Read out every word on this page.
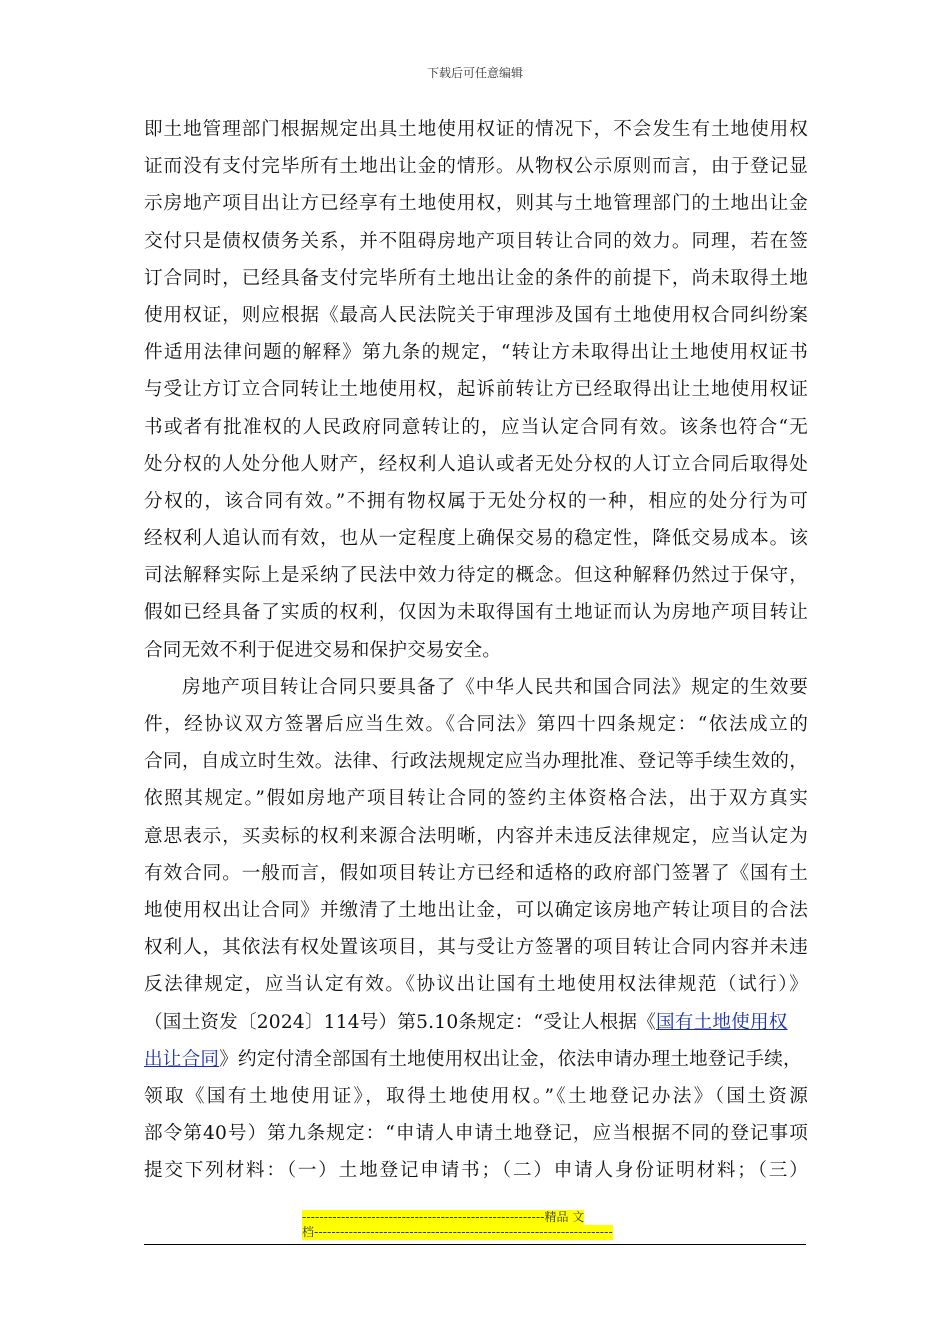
下载后可任意编辑
即土地管理部门根据规定出具土地使用权证的情况下，不会发生有土地使用权
证而没有支付完毕所有土地出让金的情形。从物权公示原则而言，由于登记显
示房地产项目出让方已经享有土地使用权，则其与土地管理部门的土地出让金
交付只是债权债务关系，并不阻碍房地产项目转让合同的效力。同理，若在签
订合同时，已经具备支付完毕所有土地出让金的条件的前提下，尚未取得土地
使用权证，则应根据《最高人民法院关于审理涉及国有土地使用权合同纠纷案
件适用法律问题的解释》第九条的规定，“转让方未取得出让土地使用权证书
与受让方订立合同转让土地使用权，起诉前转让方已经取得出让土地使用权证
书或者有批准权的人民政府同意转让的，应当认定合同有效。该条也符合“无
处分权的人处分他人财产，经权利人追认或者无处分权的人订立合同后取得处
分权的，该合同有效。”不拥有物权属于无处分权的一种，相应的处分行为可
经权利人追认而有效，也从一定程度上确保交易的稳定性，降低交易成本。该
司法解释实际上是采纳了民法中效力待定的概念。但这种解释仍然过于保守，
假如已经具备了实质的权利，仅因为未取得国有土地证而认为房地产项目转让
合同无效不利于促进交易和保护交易安全。
房地产项目转让合同只要具备了《中华人民共和国合同法》规定的生效要
件，经协议双方签署后应当生效。《合同法》第四十四条规定：“依法成立的
合同，自成立时生效。法律、行政法规规定应当办理批准、登记等手续生效的，
依照其规定。”假如房地产项目转让合同的签约主体资格合法，出于双方真实
意思表示，买卖标的权利来源合法明晰，内容并未违反法律规定，应当认定为
有效合同。一般而言，假如项目转让方已经和适格的政府部门签署了《国有土
地使用权出让合同》并缴清了土地出让金，可以确定该房地产转让项目的合法
权利人，其依法有权处置该项目，其与受让方签署的项目转让合同内容并未违
反法律规定，应当认定有效。《协议出让国有土地使用权法律规范（试行）》
（国土资发〔2024〕114号）第5.10条规定：“受让人根据《国有土地使用权
出让合同》约定付清全部国有土地使用权出让金，依法申请办理土地登记手续，
领取《国有土地使用证》，取得土地使用权。”《土地登记办法》（国土资源
部令第40号）第九条规定：“申请人申请土地登记，应当根据不同的登记事项
提交下列材料：（一）土地登记申请书；（二）申请人身份证明材料；（三）
--------------------------------------------------------精品 文
档---------------------------------------------------------------------
